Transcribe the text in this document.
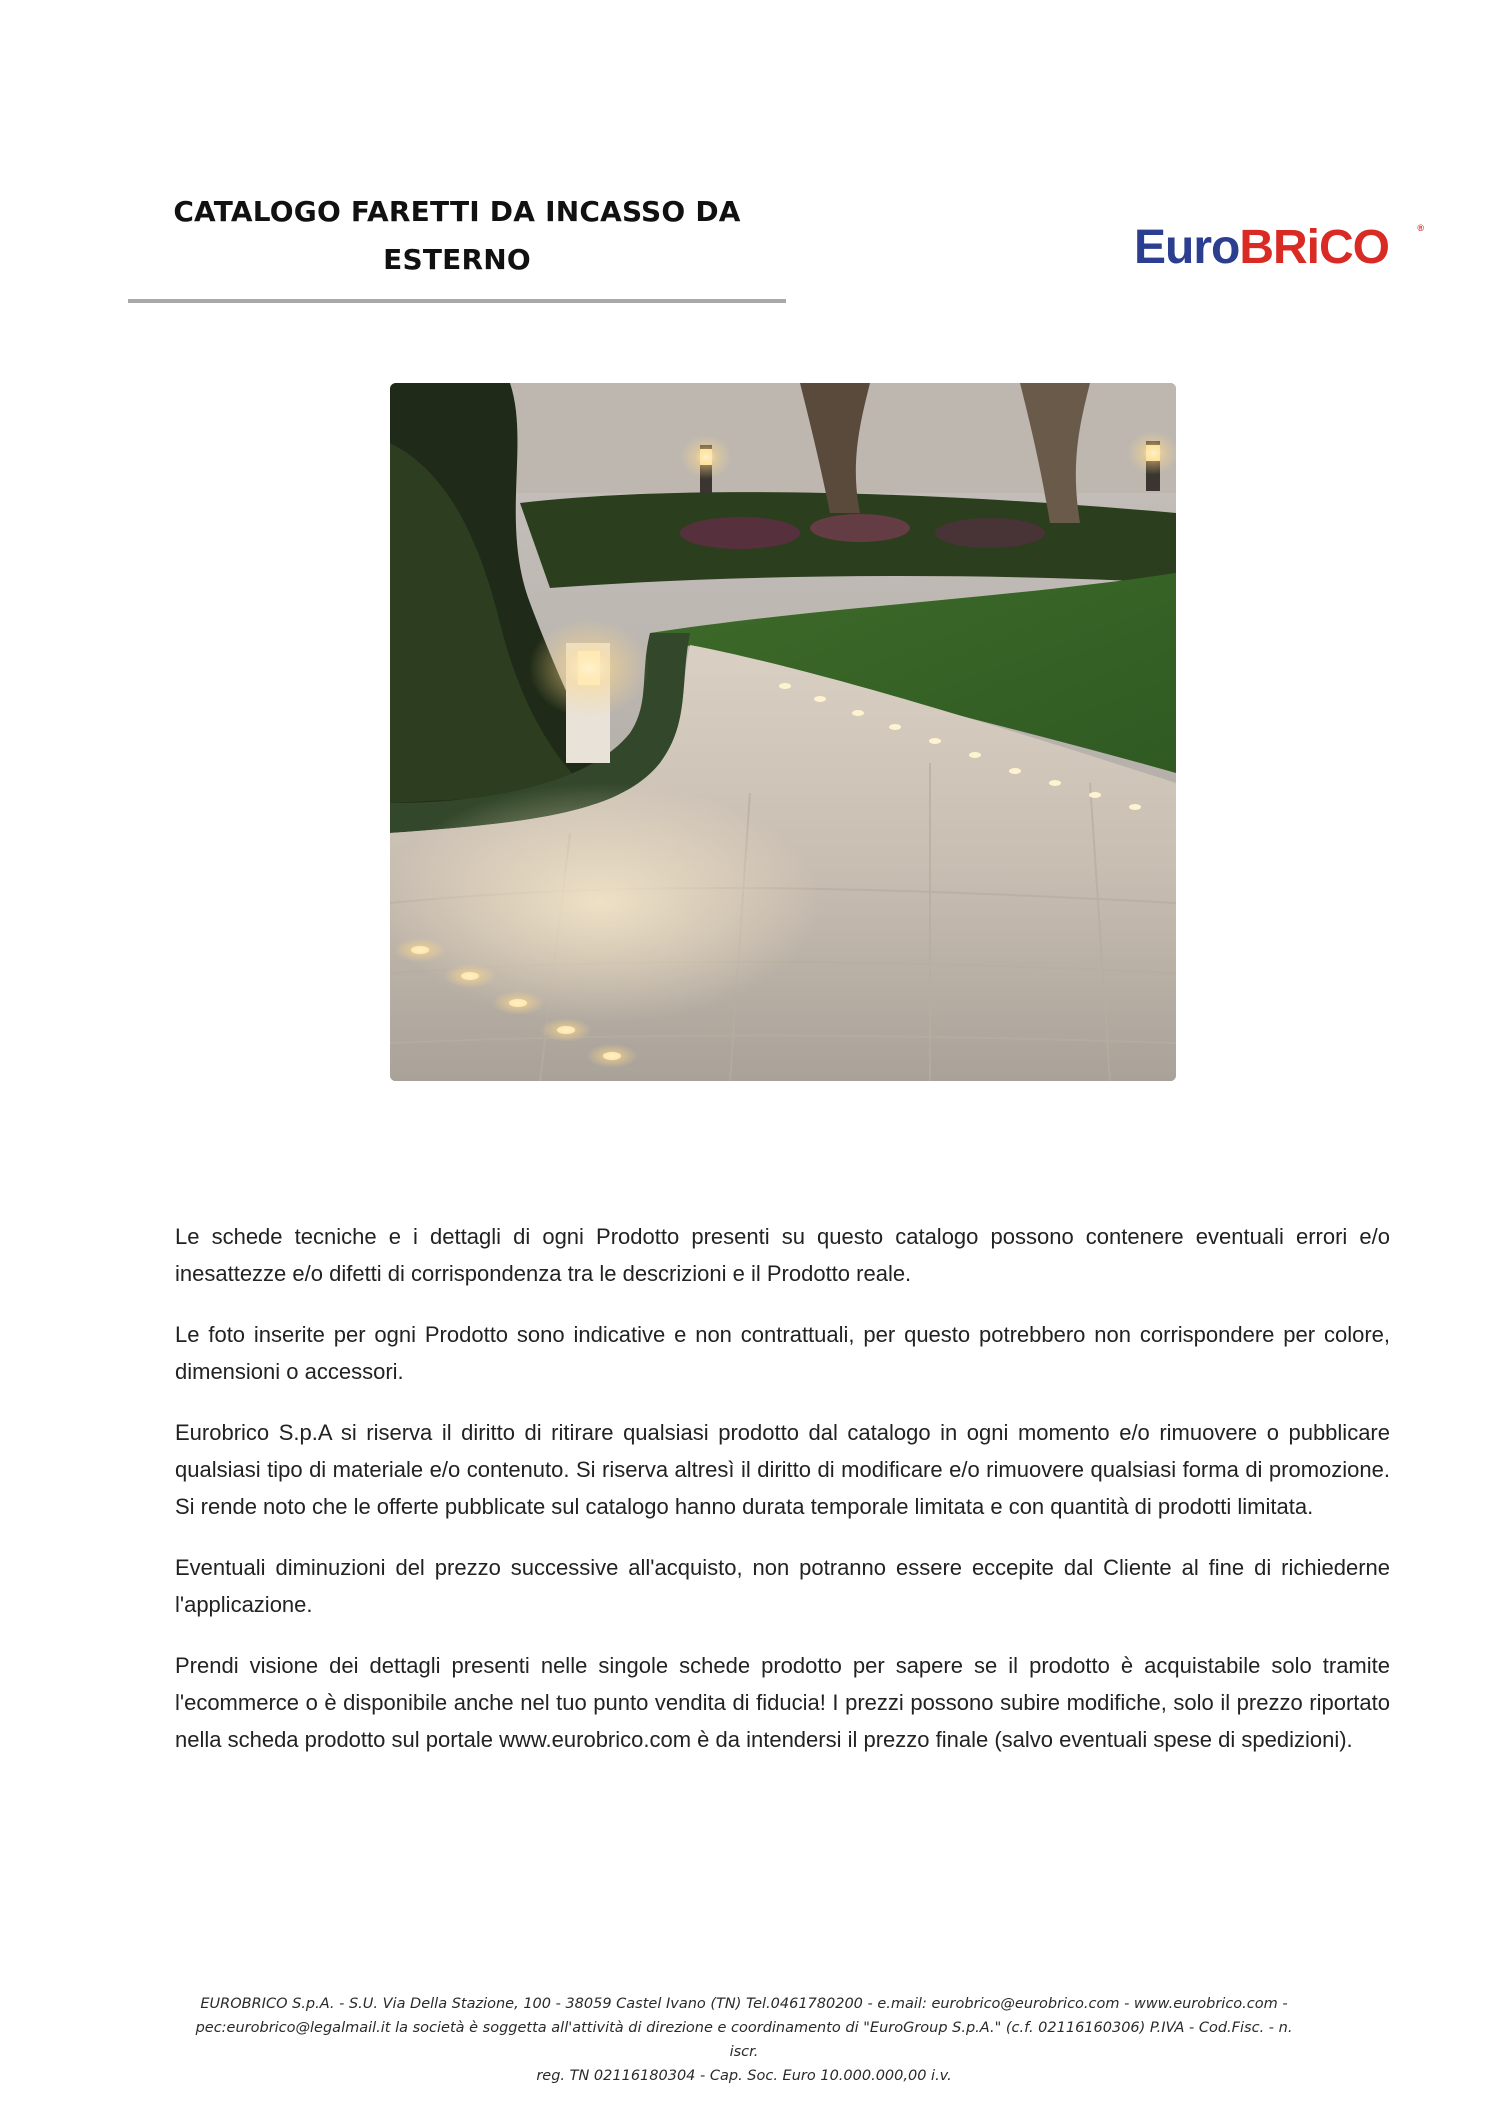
CATALOGO FARETTI DA INCASSO DA
ESTERNO	EuroBRiCO	®

Le schede tecniche e i dettagli di ogni Prodotto presenti su questo catalogo possono contenere eventuali errori e/o inesattezze e/o difetti di corrispondenza tra le descrizioni e il Prodotto reale.

Le foto inserite per ogni Prodotto sono indicative e non contrattuali, per questo potrebbero non corrispondere per colore, dimensioni o accessori.

Eurobrico S.p.A si riserva il diritto di ritirare qualsiasi prodotto dal catalogo in ogni momento e/o rimuovere o pubblicare qualsiasi tipo di materiale e/o contenuto. Si riserva altresì il diritto di modificare e/o rimuovere qualsiasi forma di promozione. Si rende noto che le offerte pubblicate sul catalogo hanno durata temporale limitata e con quantità di prodotti limitata.

Eventuali diminuzioni del prezzo successive all'acquisto, non potranno essere eccepite dal Cliente al fine di richiederne l'applicazione.

Prendi visione dei dettagli presenti nelle singole schede prodotto per sapere se il prodotto è acquistabile solo tramite l'ecommerce o è disponibile anche nel tuo punto vendita di fiducia! I prezzi possono subire modifiche, solo il prezzo riportato nella scheda prodotto sul portale www.eurobrico.com è da intendersi il prezzo finale (salvo eventuali spese di spedizioni).

EUROBRICO S.p.A. - S.U. Via Della Stazione, 100 - 38059 Castel Ivano (TN) Tel.0461780200 - e.mail: eurobrico@eurobrico.com - www.eurobrico.com -
pec:eurobrico@legalmail.it la società è soggetta all'attività di direzione e coordinamento di "EuroGroup S.p.A." (c.f. 02116160306) P.IVA - Cod.Fisc. - n. iscr.
reg. TN 02116180304 - Cap. Soc. Euro 10.000.000,00 i.v.
